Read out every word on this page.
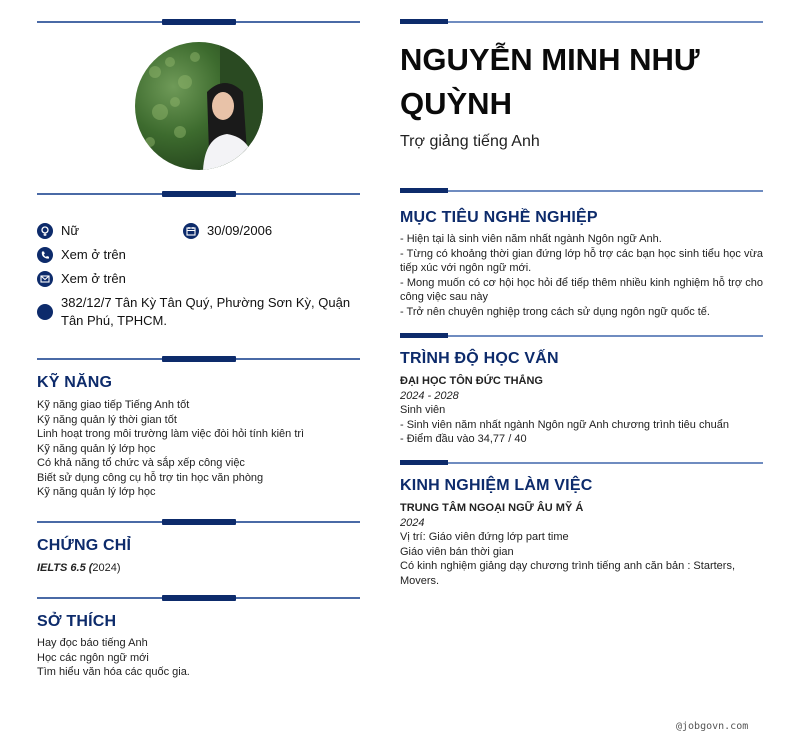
Nữ	30/09/2006
Xem ở trên
Xem ở trên
382/12/7 Tân Kỳ Tân Quý, Phường Sơn Kỳ, Quận Tân Phú, TPHCM.
KỸ NĂNG
Kỹ năng giao tiếp Tiếng Anh tốt
Kỹ năng quản lý thời gian tốt
Linh hoạt trong môi trường làm việc đòi hỏi tính kiên trì
Kỹ năng quản lý lớp học
Có khả năng tổ chức và sắp xếp công việc
Biết sử dụng công cụ hỗ trợ tin học văn phòng
Kỹ năng quản lý lớp học
CHỨNG CHỈ
IELTS 6.5 (2024)
SỞ THÍCH
Hay đọc báo tiếng Anh
Học các ngôn ngữ mới
Tìm hiểu văn hóa các quốc gia.
NGUYỄN MINH NHƯ QUỲNH
Trợ giảng tiếng Anh
MỤC TIÊU NGHỀ NGHIỆP
- Hiện tại là sinh viên năm nhất ngành Ngôn ngữ Anh.
- Từng có khoảng thời gian đứng lớp hỗ trợ các bạn học sinh tiểu học vừa tiếp xúc với ngôn ngữ mới.
- Mong muốn có cơ hội học hỏi để tiếp thêm nhiều kinh nghiệm hỗ trợ cho công việc sau này
- Trở nên chuyên nghiệp trong cách sử dụng ngôn ngữ quốc tế.
TRÌNH ĐỘ HỌC VẤN
ĐẠI HỌC TÔN ĐỨC THẮNG
2024 - 2028
Sinh viên
- Sinh viên năm nhất ngành Ngôn ngữ Anh chương trình tiêu chuẩn
- Điểm đầu vào 34,77 / 40
KINH NGHIỆM LÀM VIỆC
TRUNG TÂM NGOẠI NGỮ ÂU MỸ Á
2024
Vị trí: Giáo viên đứng lớp part time
Giáo viên bán thời gian
Có kinh nghiệm giảng dạy chương trình tiếng anh căn bản : Starters, Movers.
@jobgovn.com
